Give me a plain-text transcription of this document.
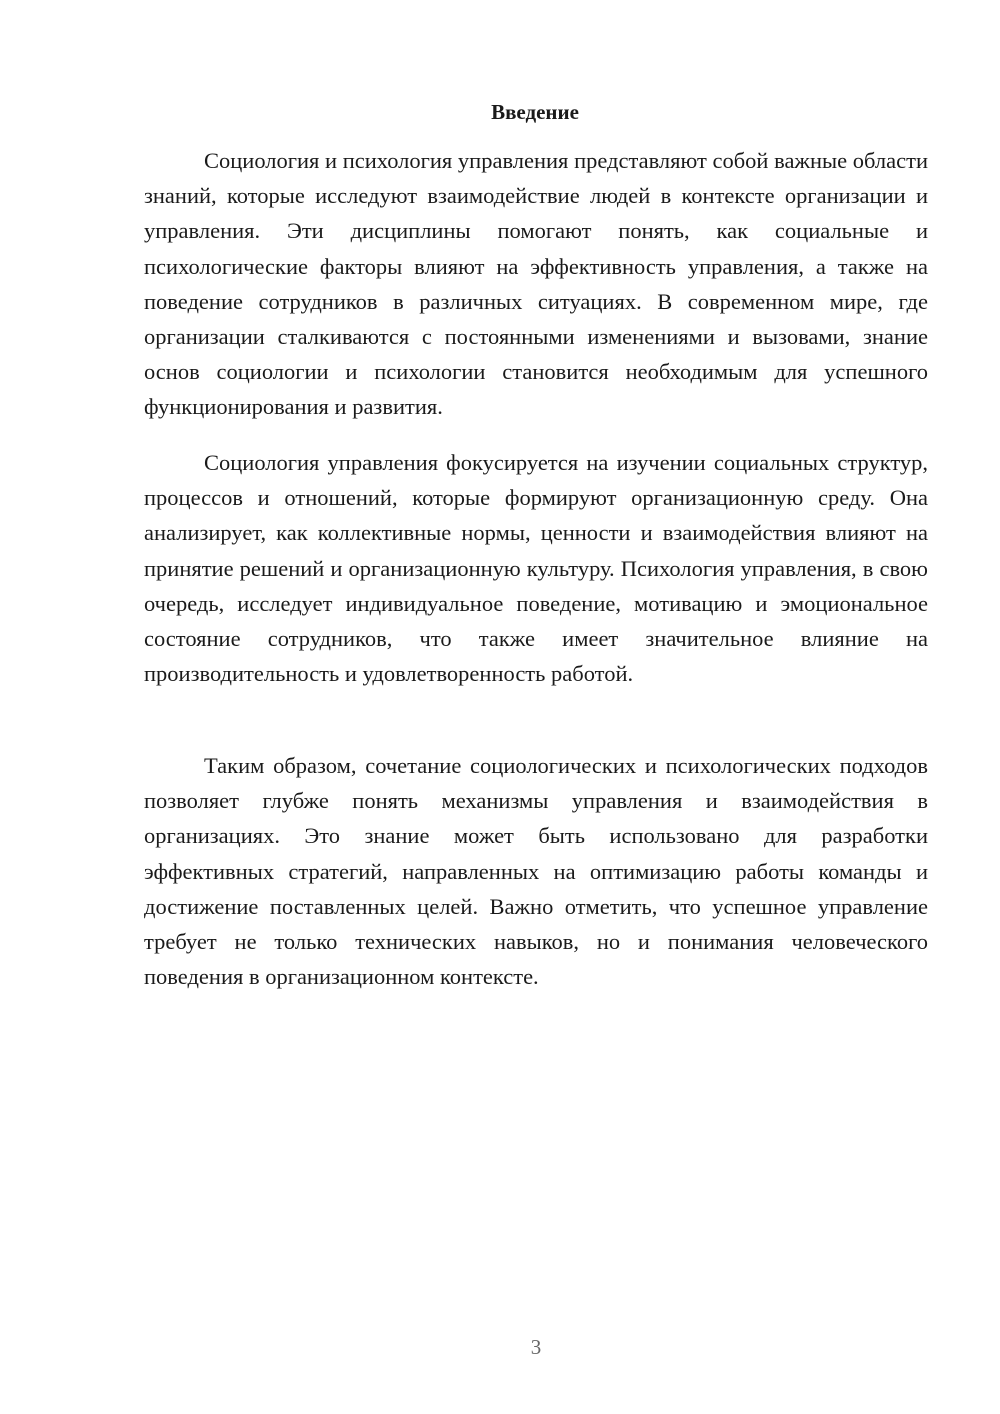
Введение

Социология и психология управления представляют собой важные области знаний, которые исследуют взаимодействие людей в контексте организации и управления. Эти дисциплины помогают понять, как социальные и психологические факторы влияют на эффективность управления, а также на поведение сотрудников в различных ситуациях. В современном мире, где организации сталкиваются с постоянными изменениями и вызовами, знание основ социологии и психологии становится необходимым для успешного функционирования и развития.

Социология управления фокусируется на изучении социальных структур, процессов и отношений, которые формируют организационную среду. Она анализирует, как коллективные нормы, ценности и взаимодействия влияют на принятие решений и организационную культуру. Психология управления, в свою очередь, исследует индивидуальное поведение, мотивацию и эмоциональное состояние сотрудников, что также имеет значительное влияние на производительность и удовлетворенность работой.

Таким образом, сочетание социологических и психологических подходов позволяет глубже понять механизмы управления и взаимодействия в организациях. Это знание может быть использовано для разработки эффективных стратегий, направленных на оптимизацию работы команды и достижение поставленных целей. Важно отметить, что успешное управление требует не только технических навыков, но и понимания человеческого поведения в организационном контексте.

3
